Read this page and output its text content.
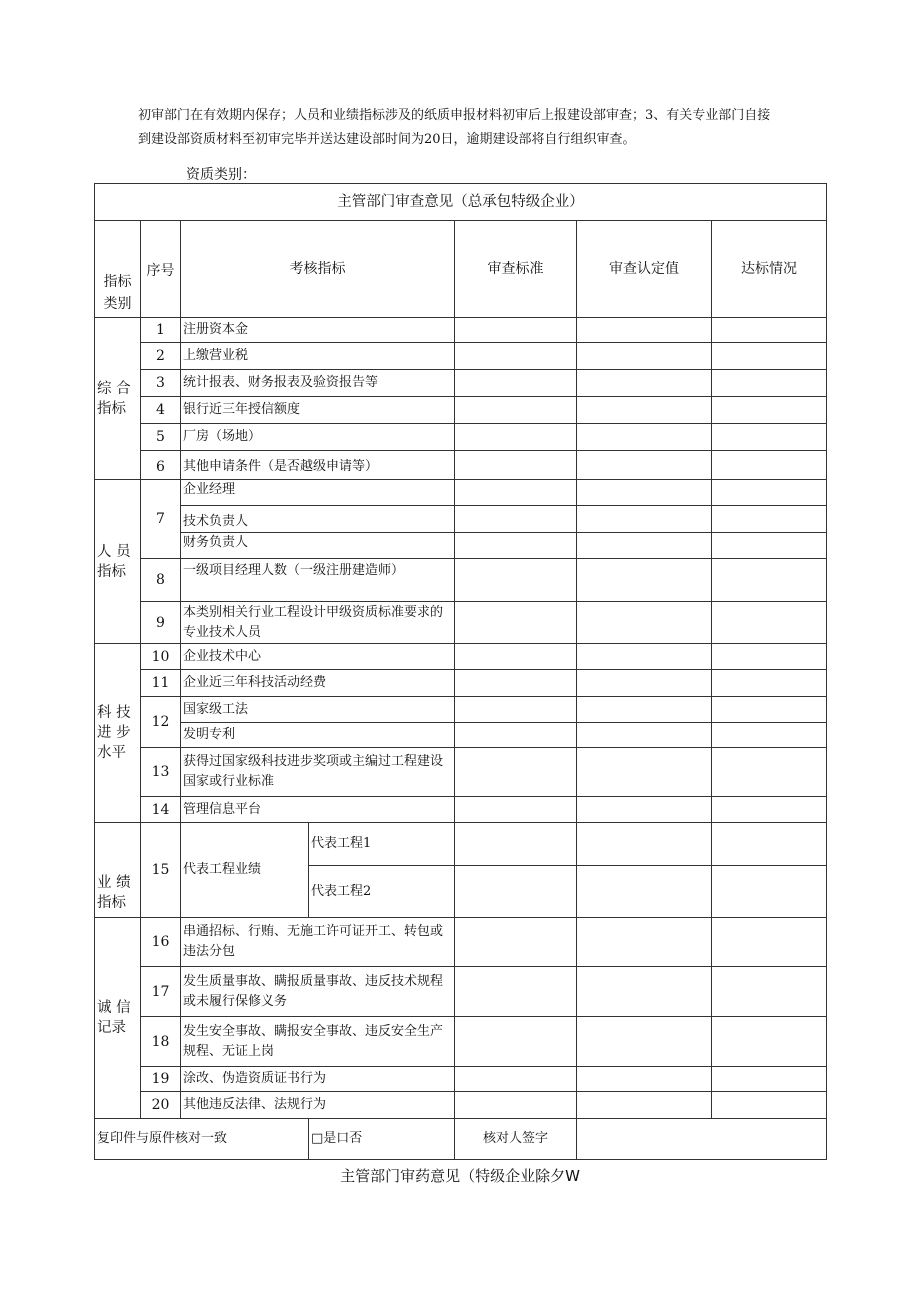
初审部门在有效期内保存；人员和业绩指标涉及的纸质申报材料初审后上报建设部审查；3、有关专业部门自接
到建设部资质材料至初审完毕并送达建设部时间为20日，逾期建设部将自行组织审查。
资质类别：
主管部门审查意见（总承包特级企业）						
指标类别	序号	考核指标		审查标准	审查认定值	达标情况
综 合指标	1	注册资本金				
	2	上缴营业税				
	3	统计报表、财务报表及验资报告等				
	4	银行近三年授信额度				
	5	厂房（场地）				
	6	其他申请条件（是否越级申请等）				
人 员指标	7	企业经理				
		技术负责人				
		财务负责人				
	8	一级项目经理人数（一级注册建造师）				
	9	本类别相关行业工程设计甲级资质标准要求的专业技术人员				
科 技进 步水平	10	企业技术中心				
	11	企业近三年科技活动经费				
	12	国家级工法				
		发明专利				
	13	获得过国家级科技进步奖项或主编过工程建设国家或行业标准				
	14	管理信息平台				
业 绩指标	15	代表工程业绩	代表工程1			
			代表工程2			
诚 信记录	16	串通招标、行贿、无施工许可证开工、转包或违法分包				
	17	发生质量事故、瞒报质量事故、违反技术规程或未履行保修义务				
	18	发生安全事故、瞒报安全事故、违反安全生产规程、无证上岗				
	19	涂改、伪造资质证书行为				
	20	其他违反法律、法规行为				
复印件与原件核对一致			□是口否	核对人签字		
主管部门审药意见（特级企业除夕W
